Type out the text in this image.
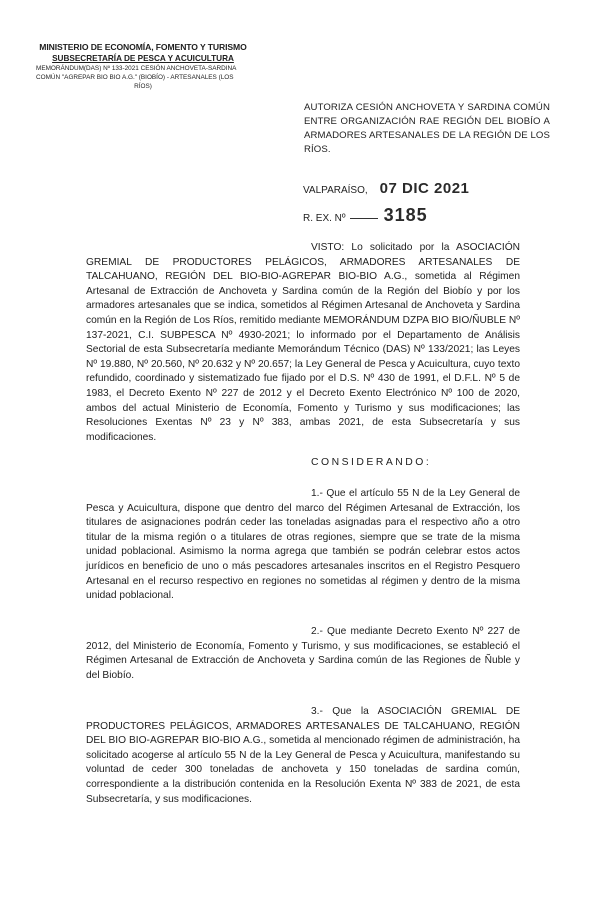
MINISTERIO DE ECONOMÍA, FOMENTO Y TURISMO
SUBSECRETARÍA DE PESCA Y ACUICULTURA
MEMORÁNDUM(DAS) Nº 133-2021 CESIÓN ANCHOVETA-SARDINA
COMÚN "AGREPAR BIO BIO A.G." (BIOBÍO) - ARTESANALES (LOS
RÍOS)
AUTORIZA CESIÓN ANCHOVETA Y SARDINA COMÚN ENTRE ORGANIZACIÓN RAE REGIÓN DEL BIOBÍO A ARMADORES ARTESANALES DE LA REGIÓN DE LOS RÍOS.
VALPARAÍSO, 07 DIC 2021
R. EX. Nº 3185

VISTO: Lo solicitado por la ASOCIACIÓN GREMIAL DE PRODUCTORES PELÁGICOS, ARMADORES ARTESANALES DE TALCAHUANO, REGIÓN DEL BIO-BIO-AGREPAR BIO-BIO A.G., sometida al Régimen Artesanal de Extracción de Anchoveta y Sardina común de la Región del Biobío y por los armadores artesanales que se indica, sometidos al Régimen Artesanal de Anchoveta y Sardina común en la Región de Los Ríos, remitido mediante MEMORÁNDUM DZPA BIO BIO/ÑUBLE Nº 137-2021, C.I. SUBPESCA Nº 4930-2021; lo informado por el Departamento de Análisis Sectorial de esta Subsecretaría mediante Memorándum Técnico (DAS) Nº 133/2021; las Leyes Nº 19.880, Nº 20.560, Nº 20.632 y Nº 20.657; la Ley General de Pesca y Acuicultura, cuyo texto refundido, coordinado y sistematizado fue fijado por el D.S. Nº 430 de 1991, el D.F.L. Nº 5 de 1983, el Decreto Exento Nº 227 de 2012 y el Decreto Exento Electrónico Nº 100 de 2020, ambos del actual Ministerio de Economía, Fomento y Turismo y sus modificaciones; las Resoluciones Exentas Nº 23 y Nº 383, ambas 2021, de esta Subsecretaría y sus modificaciones.

CONSIDERANDO:

1.- Que el artículo 55 N de la Ley General de Pesca y Acuicultura, dispone que dentro del marco del Régimen Artesanal de Extracción, los titulares de asignaciones podrán ceder las toneladas asignadas para el respectivo año a otro titular de la misma región o a titulares de otras regiones, siempre que se trate de la misma unidad poblacional. Asimismo la norma agrega que también se podrán celebrar estos actos jurídicos en beneficio de uno o más pescadores artesanales inscritos en el Registro Pesquero Artesanal en el recurso respectivo en regiones no sometidas al régimen y dentro de la misma unidad poblacional.

2.- Que mediante Decreto Exento Nº 227 de 2012, del Ministerio de Economía, Fomento y Turismo, y sus modificaciones, se estableció el Régimen Artesanal de Extracción de Anchoveta y Sardina común de las Regiones de Ñuble y del Biobío.

3.- Que la ASOCIACIÓN GREMIAL DE PRODUCTORES PELÁGICOS, ARMADORES ARTESANALES DE TALCAHUANO, REGIÓN DEL BIO BIO-AGREPAR BIO-BIO A.G., sometida al mencionado régimen de administración, ha solicitado acogerse al artículo 55 N de la Ley General de Pesca y Acuicultura, manifestando su voluntad de ceder 300 toneladas de anchoveta y 150 toneladas de sardina común, correspondiente a la distribución contenida en la Resolución Exenta Nº 383 de 2021, de esta Subsecretaría, y sus modificaciones.
